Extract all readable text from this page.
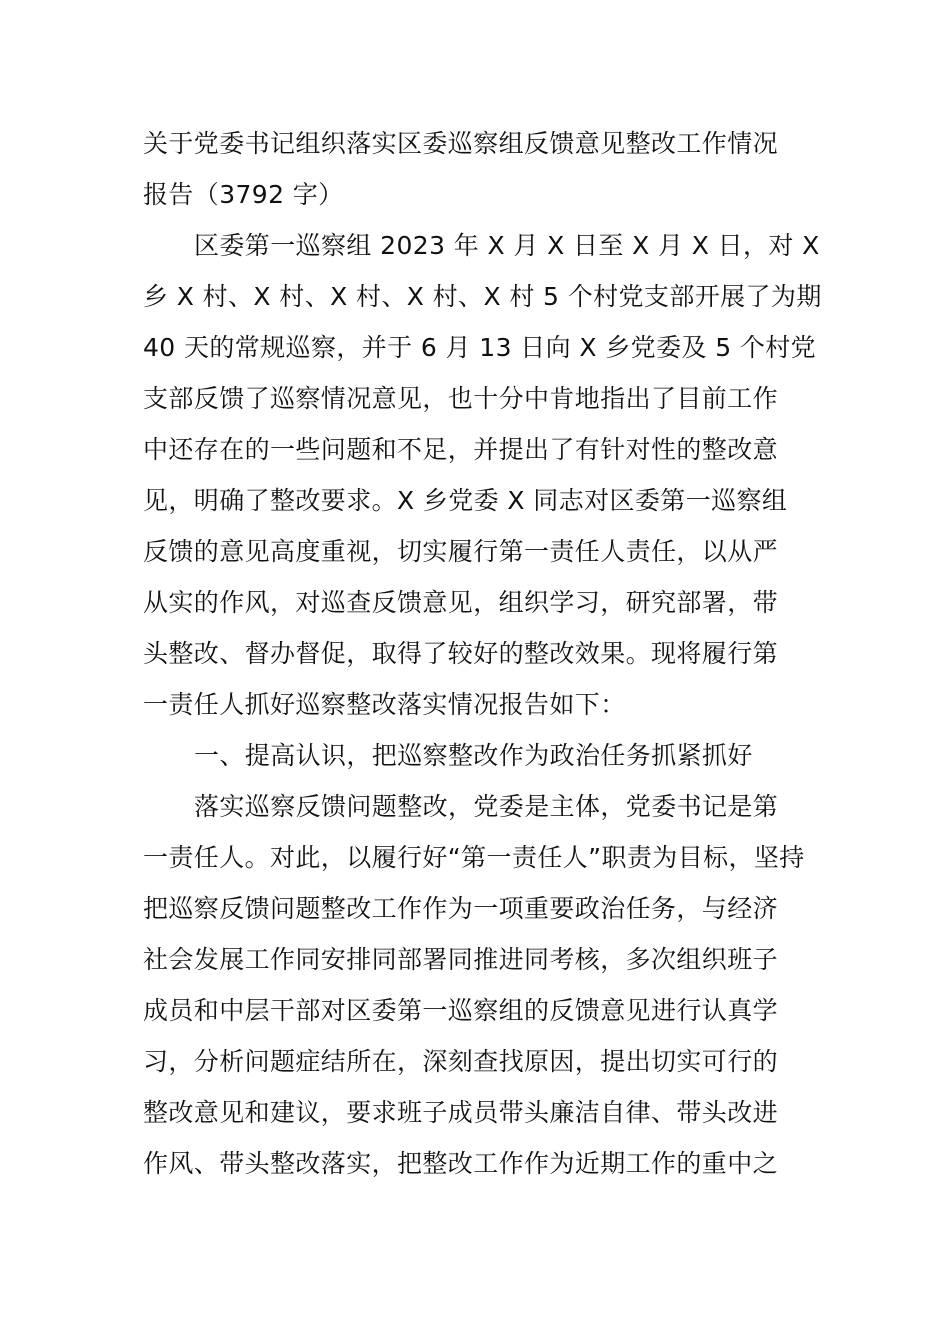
关于党委书记组织落实区委巡察组反馈意见整改工作情况
报告（3792 字）
区委第一巡察组 2023 年 X 月 X 日至 X 月 X 日，对 X
乡 X 村、X 村、X 村、X 村、X 村 5 个村党支部开展了为期
40 天的常规巡察，并于 6 月 13 日向 X 乡党委及 5 个村党
支部反馈了巡察情况意见，也十分中肯地指出了目前工作
中还存在的一些问题和不足，并提出了有针对性的整改意
见，明确了整改要求。X 乡党委 X 同志对区委第一巡察组
反馈的意见高度重视，切实履行第一责任人责任，以从严
从实的作风，对巡查反馈意见，组织学习，研究部署，带
头整改、督办督促，取得了较好的整改效果。现将履行第
一责任人抓好巡察整改落实情况报告如下：
一、提高认识，把巡察整改作为政治任务抓紧抓好
落实巡察反馈问题整改，党委是主体，党委书记是第
一责任人。对此，以履行好“第一责任人”职责为目标，坚持
把巡察反馈问题整改工作作为一项重要政治任务，与经济
社会发展工作同安排同部署同推进同考核，多次组织班子
成员和中层干部对区委第一巡察组的反馈意见进行认真学
习，分析问题症结所在，深刻查找原因，提出切实可行的
整改意见和建议，要求班子成员带头廉洁自律、带头改进
作风、带头整改落实，把整改工作作为近期工作的重中之
